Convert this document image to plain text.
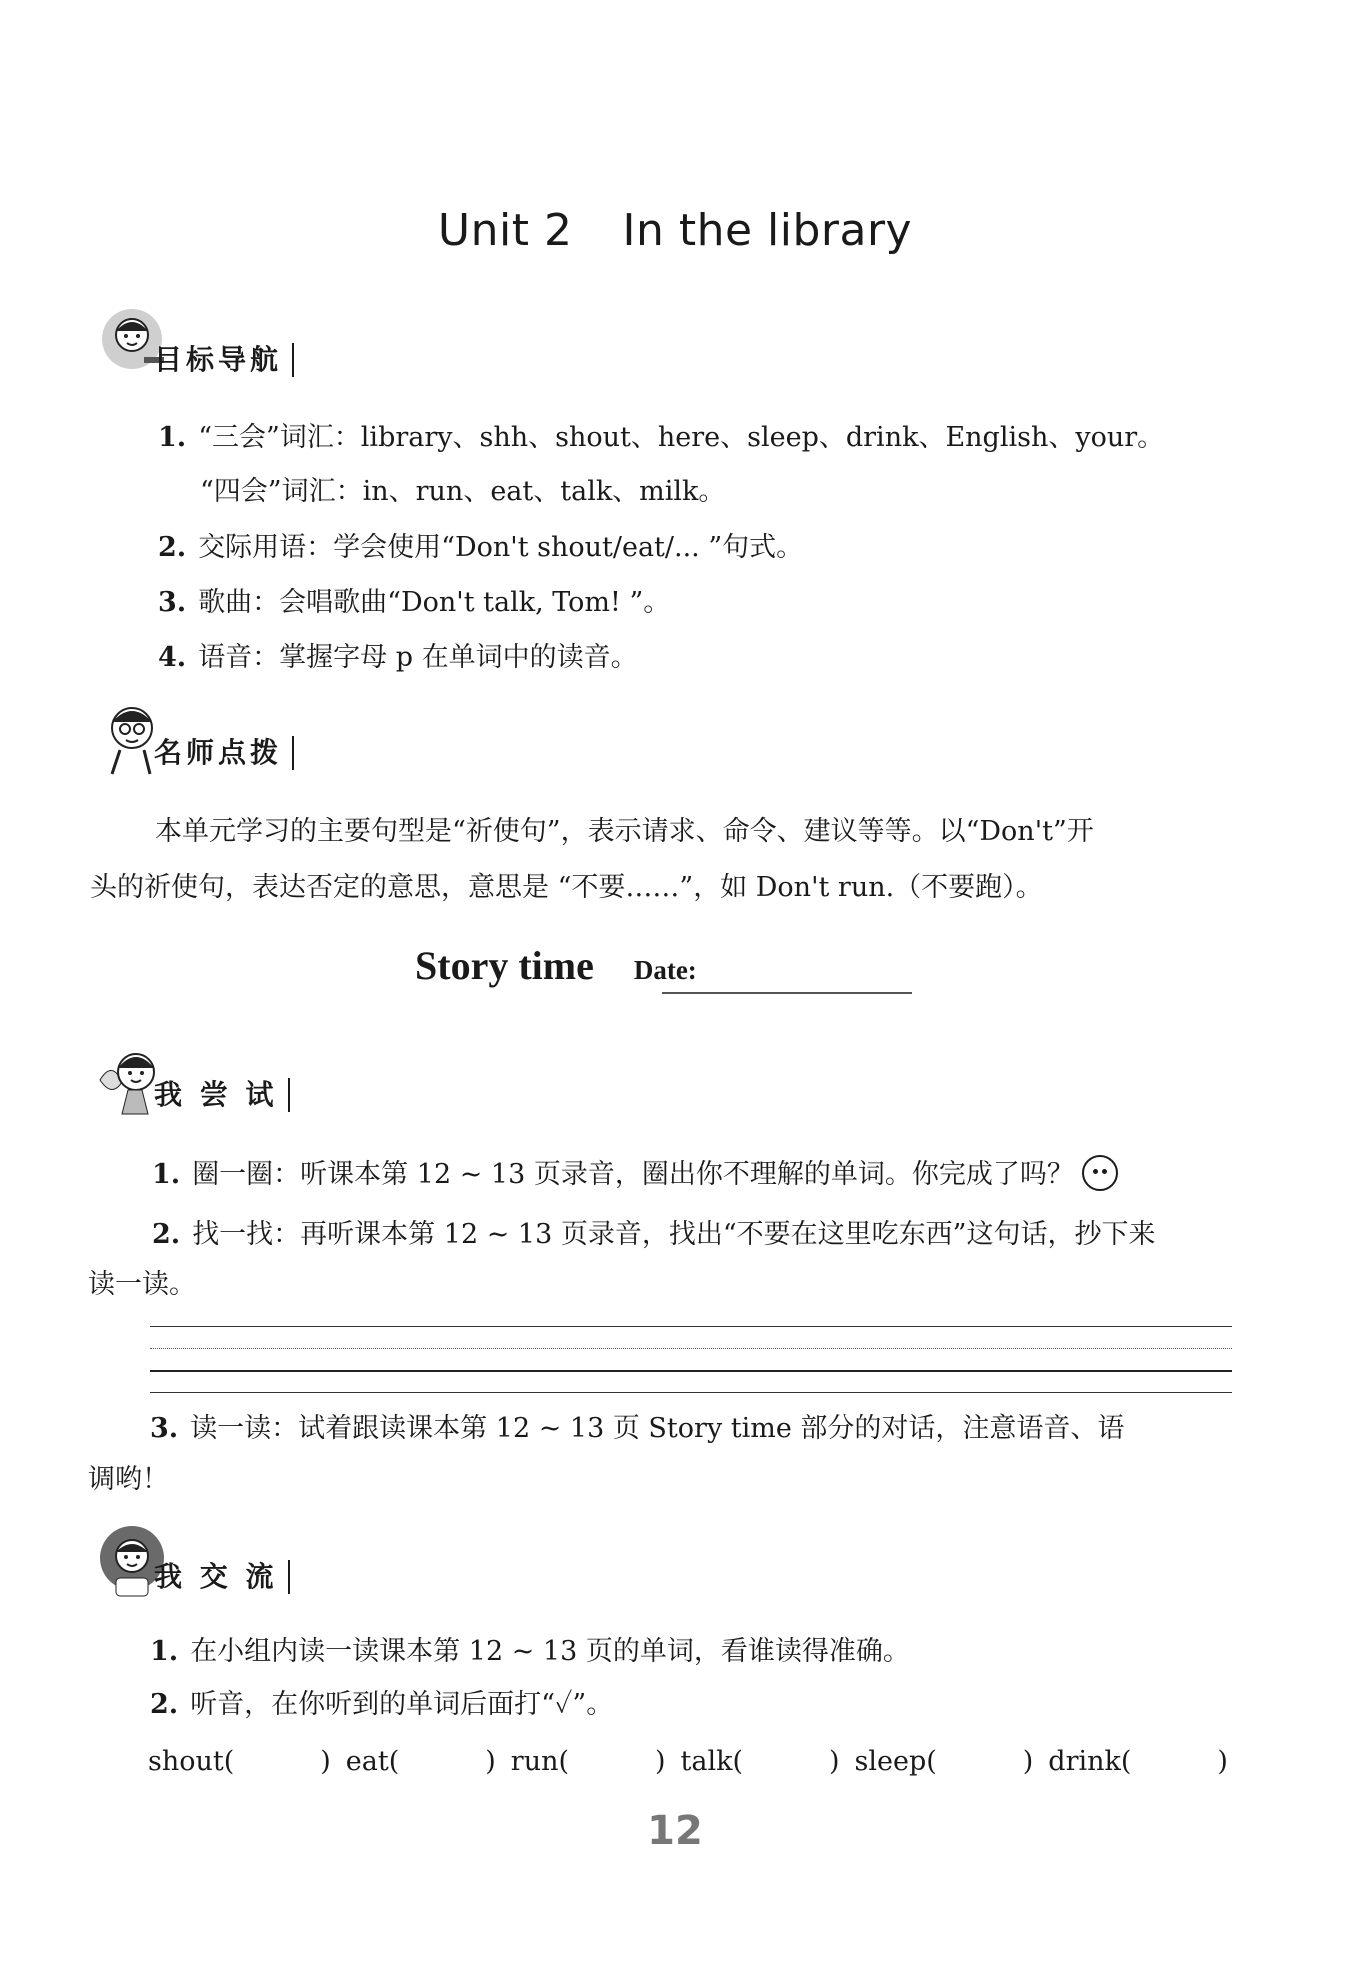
Unit 2 In the library
目标导航
1. “三会”词汇：library、shh、shout、here、sleep、drink、English、your。
“四会”词汇：in、run、eat、talk、milk。
2. 交际用语：学会使用“Don't shout/eat/... ”句式。
3. 歌曲：会唱歌曲“Don't talk, Tom! ”。
4. 语音：掌握字母 p 在单词中的读音。
名师点拨
本单元学习的主要句型是“祈使句”，表示请求、命令、建议等等。以“Don't”开
头的祈使句，表达否定的意思，意思是 “不要……”，如 Don't run.（不要跑）。
Story time Date:
我 尝 试
1. 圈一圈：听课本第 12 ~ 13 页录音，圈出你不理解的单词。你完成了吗？
2. 找一找：再听课本第 12 ~ 13 页录音，找出“不要在这里吃东西”这句话，抄下来
读一读。
3. 读一读：试着跟读课本第 12 ~ 13 页 Story time 部分的对话，注意语音、语
调哟！
我 交 流
1. 在小组内读一读课本第 12 ~ 13 页的单词，看谁读得准确。
2. 听音，在你听到的单词后面打“✓”。
shout(	) eat(	) run(	) talk(	) sleep(	) drink(	)
12
